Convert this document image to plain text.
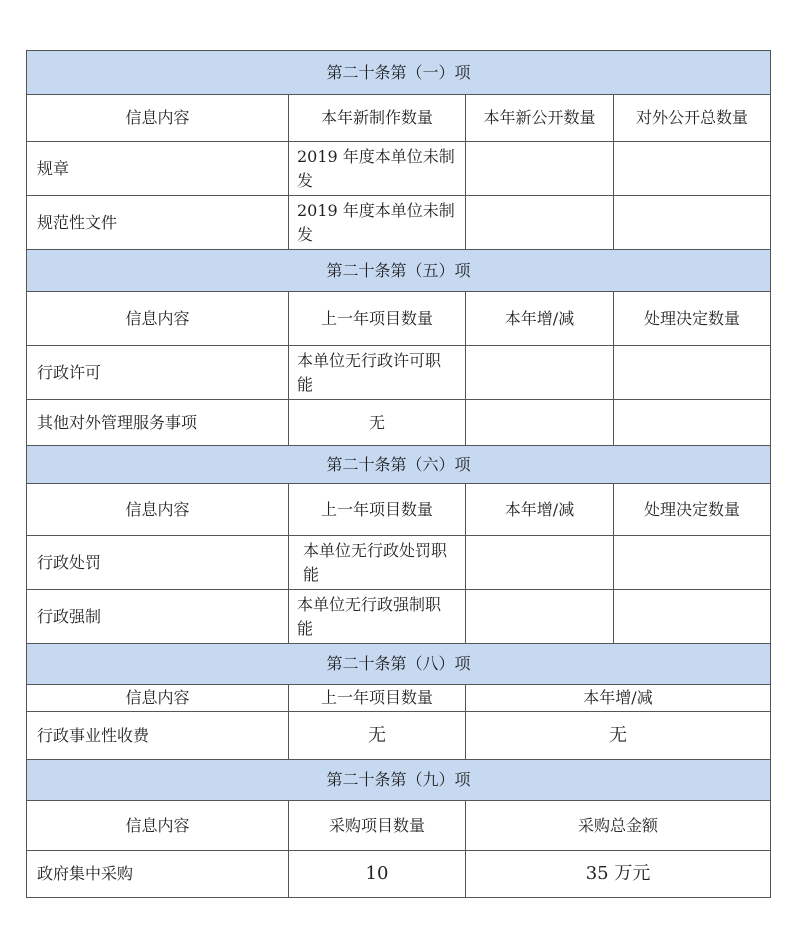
第二十条第（一）项			
信息内容	本年新制作数量	本年新公开数量	对外公开总数量
规章	2019 年度本单位未制发		
规范性文件	2019 年度本单位未制发		
第二十条第（五）项			
信息内容	上一年项目数量	本年增/减	处理决定数量
行政许可	本单位无行政许可职能		
其他对外管理服务事项	无		
第二十条第（六）项			
信息内容	上一年项目数量	本年增/减	处理决定数量
行政处罚	本单位无行政处罚职能		
行政强制	本单位无行政强制职能		
第二十条第（八）项			
信息内容	上一年项目数量	本年增/减	
行政事业性收费	无	无	
第二十条第（九）项			
信息内容	采购项目数量	采购总金额	
政府集中采购	10	35 万元	
